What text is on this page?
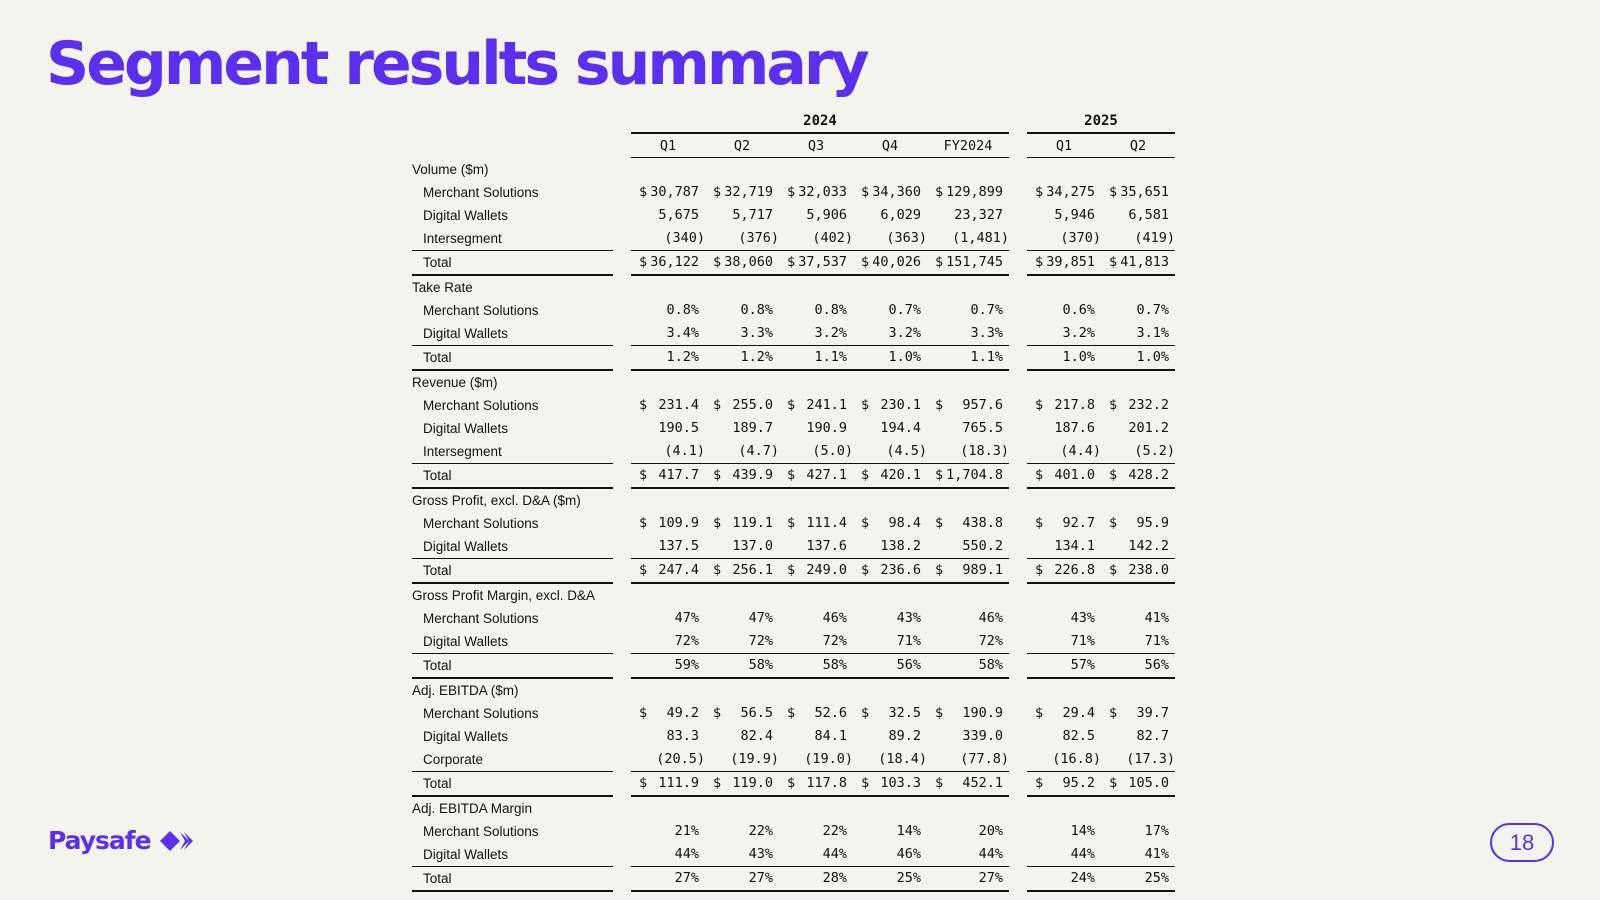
Segment results summary
		2024						2025	
		Q1	Q2	Q3	Q4	FY2024		Q1	Q2
Volume ($m)									
Merchant Solutions		$ 30,787	$ 32,719	$ 32,033	$ 34,360	$ 129,899		$ 34,275	$ 35,651
Digital Wallets		5,675	5,717	5,906	6,029	23,327		5,946	6,581
Intersegment		(340)	(376)	(402)	(363)	(1,481)		(370)	(419)
Total		$ 36,122	$ 38,060	$ 37,537	$ 40,026	$ 151,745		$ 39,851	$ 41,813
Take Rate									
Merchant Solutions		0.8%	0.8%	0.8%	0.7%	0.7%		0.6%	0.7%
Digital Wallets		3.4%	3.3%	3.2%	3.2%	3.3%		3.2%	3.1%
Total		1.2%	1.2%	1.1%	1.0%	1.1%		1.0%	1.0%
Revenue ($m)									
Merchant Solutions		$ 231.4	$ 255.0	$ 241.1	$ 230.1	$ 957.6		$ 217.8	$ 232.2
Digital Wallets		190.5	189.7	190.9	194.4	765.5		187.6	201.2
Intersegment		(4.1)	(4.7)	(5.0)	(4.5)	(18.3)		(4.4)	(5.2)
Total		$ 417.7	$ 439.9	$ 427.1	$ 420.1	$ 1,704.8		$ 401.0	$ 428.2
Gross Profit, excl. D&A ($m)									
Merchant Solutions		$ 109.9	$ 119.1	$ 111.4	$ 98.4	$ 438.8		$ 92.7	$ 95.9
Digital Wallets		137.5	137.0	137.6	138.2	550.2		134.1	142.2
Total		$ 247.4	$ 256.1	$ 249.0	$ 236.6	$ 989.1		$ 226.8	$ 238.0
Gross Profit Margin, excl. D&A									
Merchant Solutions		47%	47%	46%	43%	46%		43%	41%
Digital Wallets		72%	72%	72%	71%	72%		71%	71%
Total		59%	58%	58%	56%	58%		57%	56%
Adj. EBITDA ($m)									
Merchant Solutions		$ 49.2	$ 56.5	$ 52.6	$ 32.5	$ 190.9		$ 29.4	$ 39.7
Digital Wallets		83.3	82.4	84.1	89.2	339.0		82.5	82.7
Corporate		(20.5)	(19.9)	(19.0)	(18.4)	(77.8)		(16.8)	(17.3)
Total		$ 111.9	$ 119.0	$ 117.8	$ 103.3	$ 452.1		$ 95.2	$ 105.0
Adj. EBITDA Margin									
Merchant Solutions		21%	22%	22%	14%	20%		14%	17%
Digital Wallets		44%	43%	44%	46%	44%		44%	41%
Total		27%	27%	28%	25%	27%		24%	25%
Paysafe	18
